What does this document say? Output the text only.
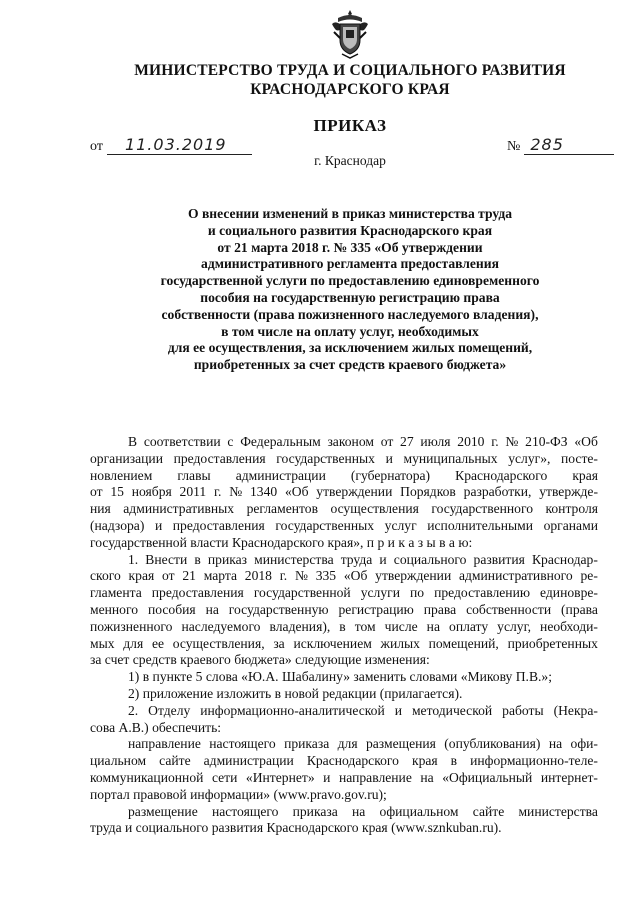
МИНИСТЕРСТВО ТРУДА И СОЦИАЛЬНОГО РАЗВИТИЯ
КРАСНОДАРСКОГО КРАЯ
ПРИКАЗ
от 11.03.2019	№ 285
г. Краснодар
О внесении изменений в приказ министерства труда
и социального развития Краснодарского края
от 21 марта 2018 г. № 335 «Об утверждении
административного регламента предоставления
государственной услуги по предоставлению единовременного
пособия на государственную регистрацию права
собственности (права пожизненного наследуемого владения),
в том числе на оплату услуг, необходимых
для ее осуществления, за исключением жилых помещений,
приобретенных за счет средств краевого бюджета»
В соответствии с Федеральным законом от 27 июля 2010 г. № 210-ФЗ «Об
организации предоставления государственных и муниципальных услуг», посте-
новлением главы администрации (губернатора) Краснодарского края
от 15 ноября 2011 г. № 1340 «Об утверждении Порядков разработки, утвержде-
ния административных регламентов осуществления государственного контроля
(надзора) и предоставления государственных услуг исполнительными органами
государственной власти Краснодарского края», п р и к а з ы в а ю:
1. Внести в приказ министерства труда и социального развития Краснодар-
ского края от 21 марта 2018 г. № 335 «Об утверждении административного ре-
гламента предоставления государственной услуги по предоставлению единовре-
менного пособия на государственную регистрацию права собственности (права
пожизненного наследуемого владения), в том числе на оплату услуг, необходи-
мых для ее осуществления, за исключением жилых помещений, приобретенных
за счет средств краевого бюджета» следующие изменения:
1) в пункте 5 слова «Ю.А. Шабалину» заменить словами «Микову П.В.»;
2) приложение изложить в новой редакции (прилагается).
2. Отделу информационно-аналитической и методической работы (Некра-
сова А.В.) обеспечить:
направление настоящего приказа для размещения (опубликования) на офи-
циальном сайте администрации Краснодарского края в информационно-теле-
коммуникационной сети «Интернет» и направление на «Официальный интернет-
портал правовой информации» (www.pravo.gov.ru);
размещение настоящего приказа на официальном сайте министерства
труда и социального развития Краснодарского края (www.sznkuban.ru).
